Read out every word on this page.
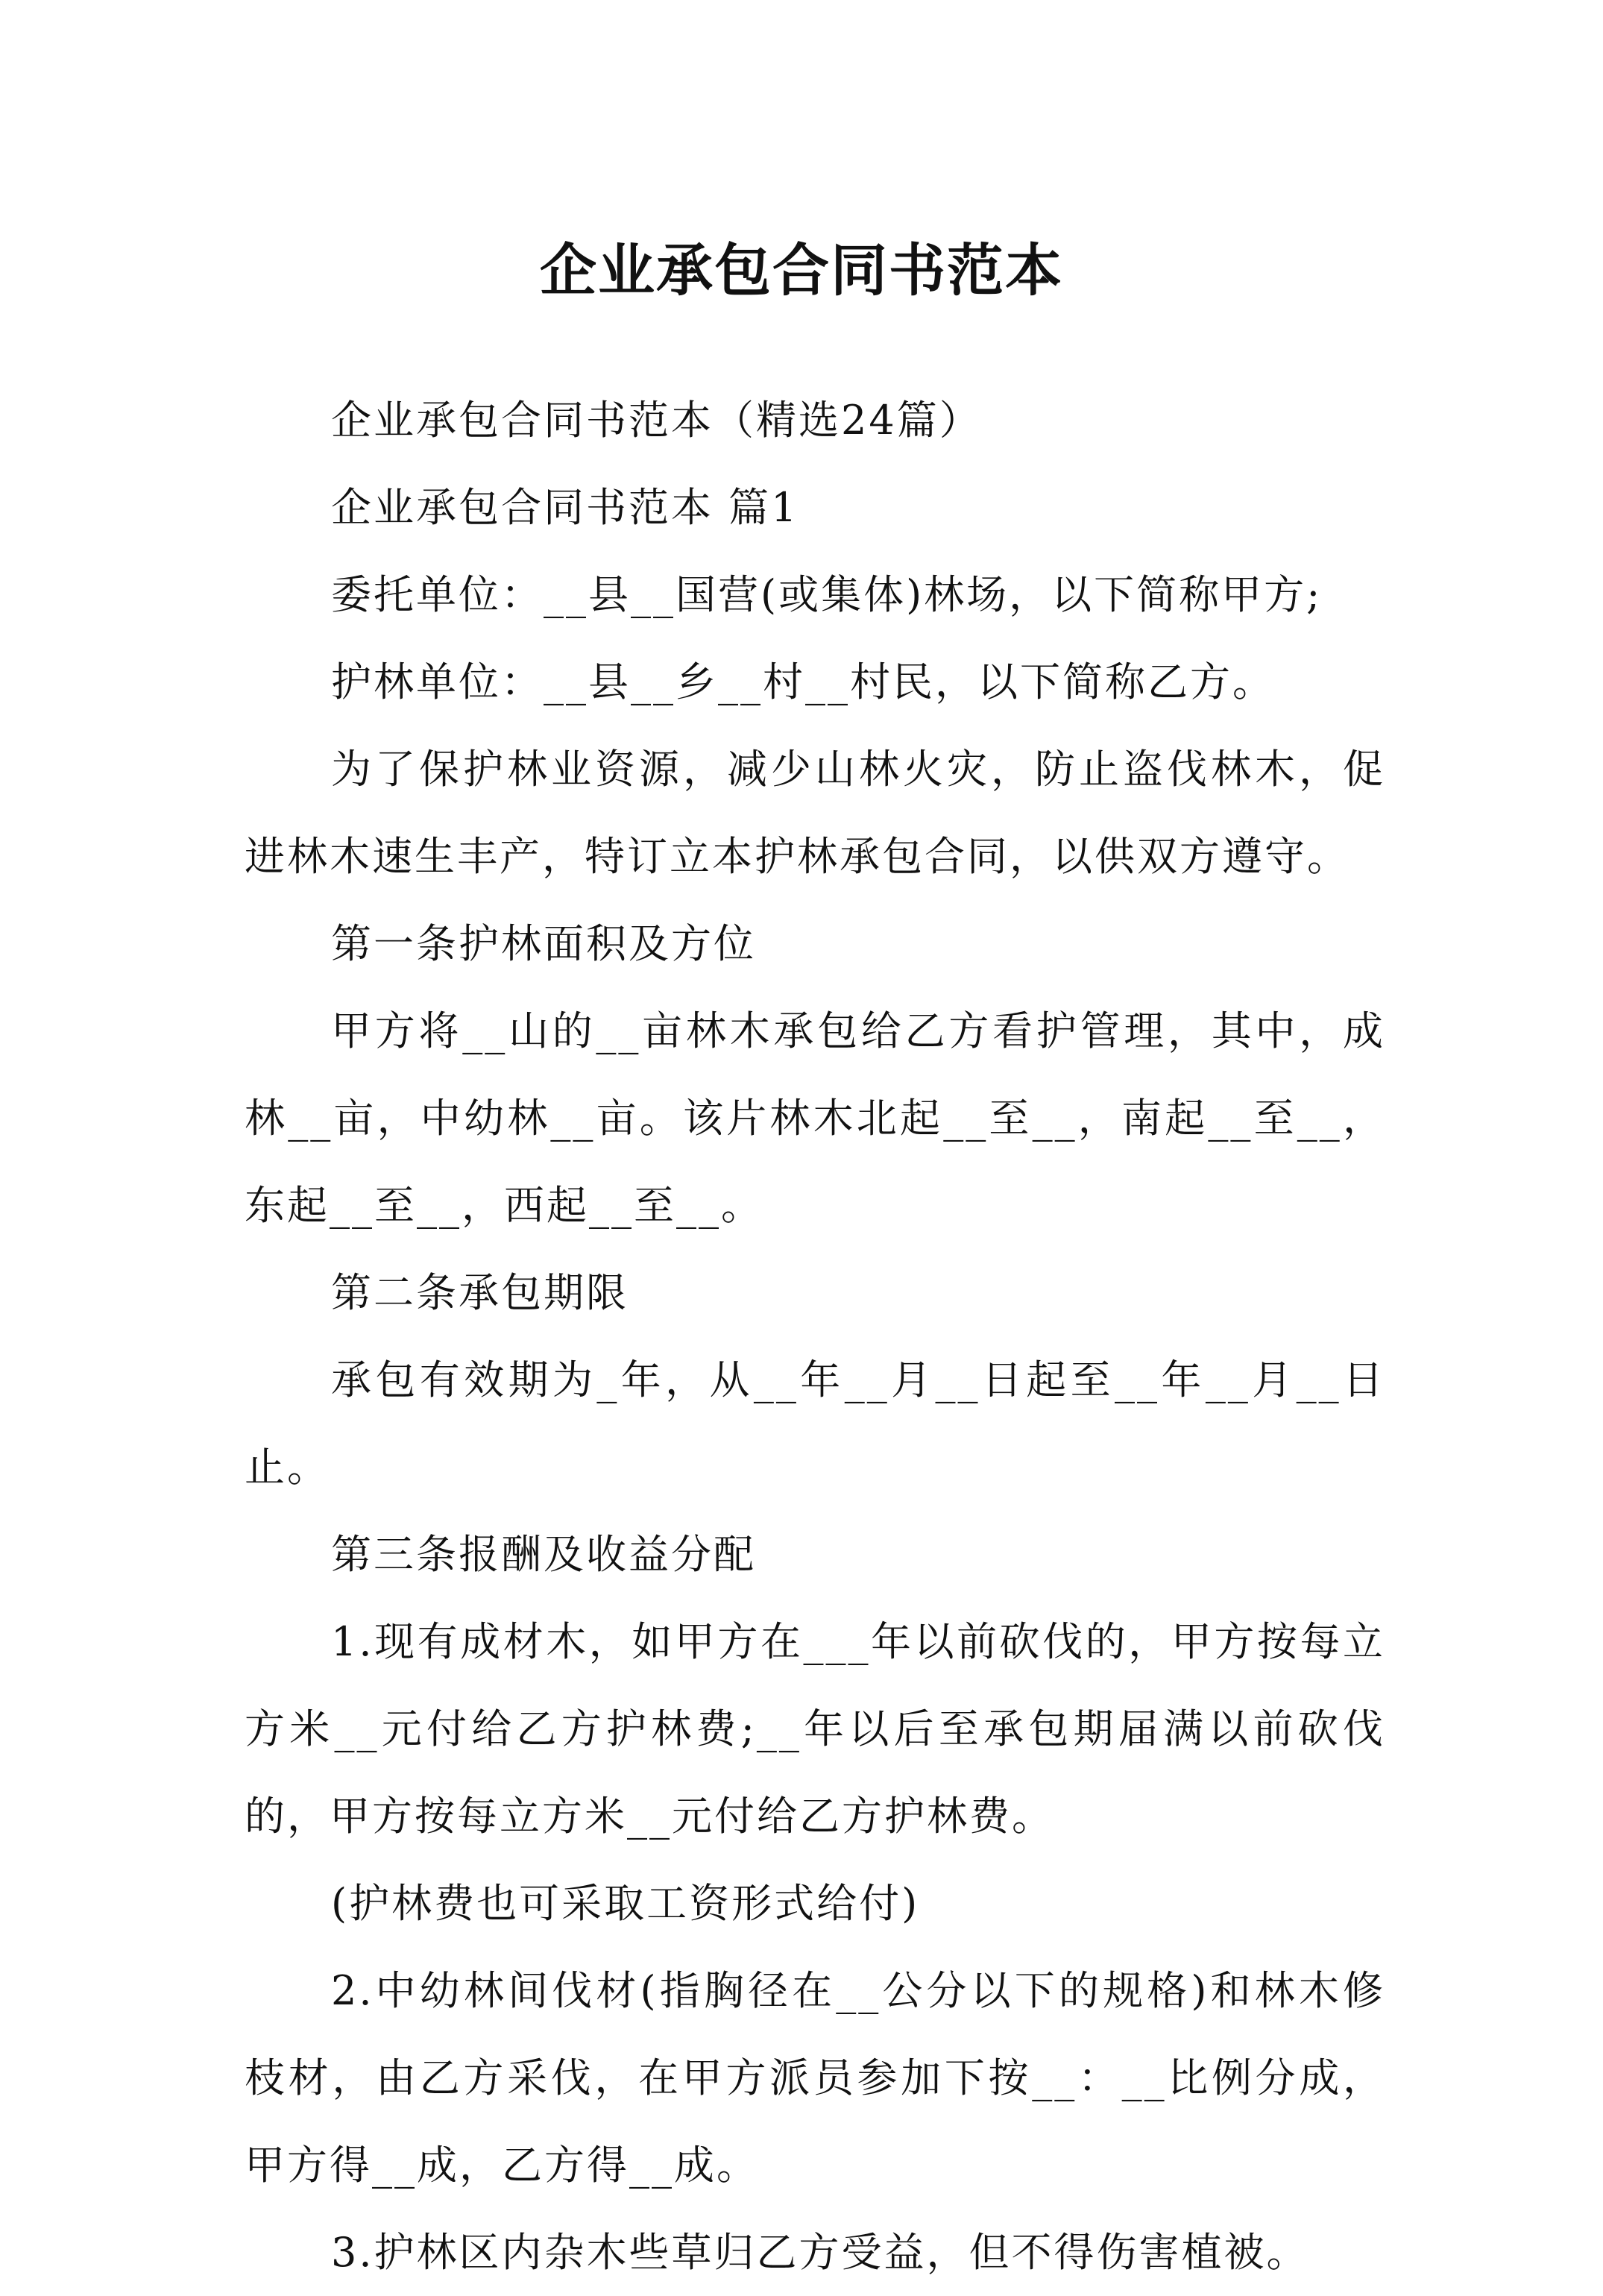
企业承包合同书范本

企业承包合同书范本（精选24篇）

企业承包合同书范本 篇1

委托单位：__县__国营(或集体)林场，以下简称甲方;

护林单位：__县__乡__村__村民，以下简称乙方。

为了保护林业资源，减少山林火灾，防止盗伐林木，促进林木速生丰产，特订立本护林承包合同，以供双方遵守。

第一条护林面积及方位

甲方将__山的__亩林木承包给乙方看护管理，其中，成林__亩，中幼林__亩。该片林木北起__至__，南起__至__，东起__至__，西起__至__。

第二条承包期限

承包有效期为_年，从__年__月__日起至__年__月__日止。

第三条报酬及收益分配

1.现有成材木，如甲方在___年以前砍伐的，甲方按每立方米__元付给乙方护林费;__年以后至承包期届满以前砍伐的，甲方按每立方米__元付给乙方护林费。

(护林费也可采取工资形式给付)

2.中幼林间伐材(指胸径在__公分以下的规格)和林木修枝材，由乙方采伐，在甲方派员参加下按__：__比例分成，甲方得__成，乙方得__成。

3.护林区内杂木些草归乙方受益，但不得伤害植被。
